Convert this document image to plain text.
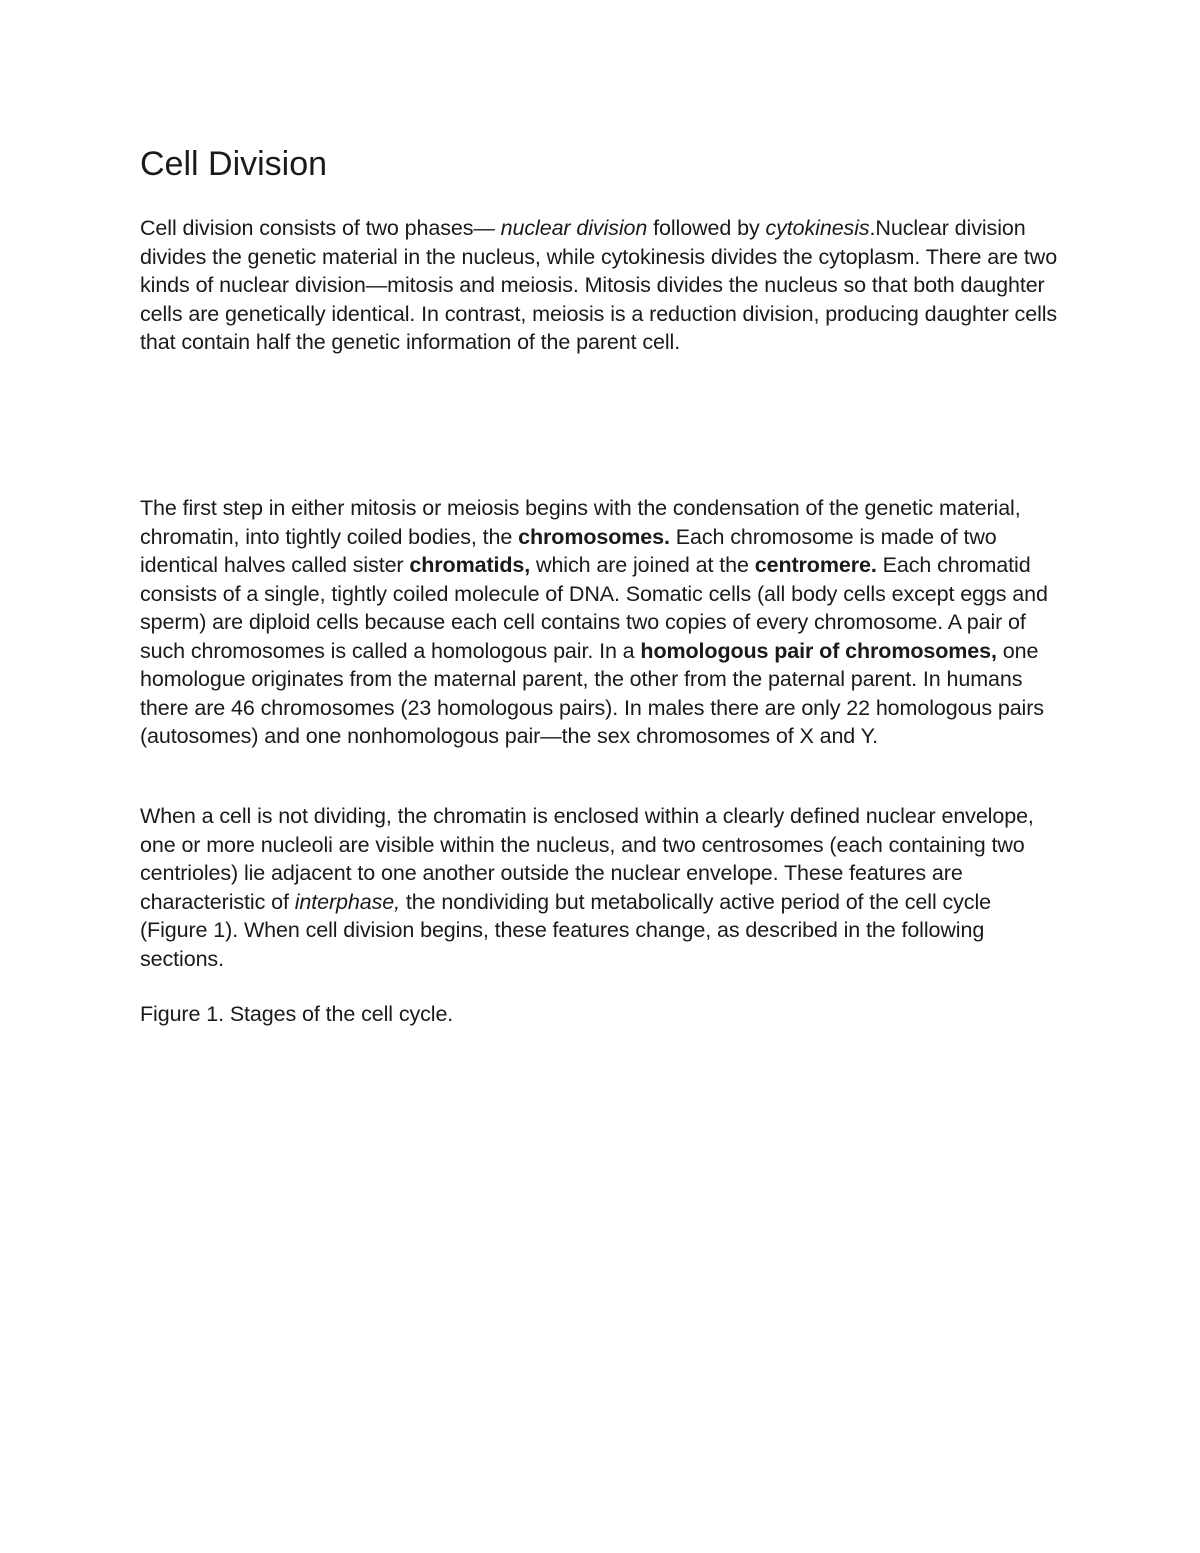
Cell Division

Cell division consists of two phases— nuclear division followed by cytokinesis.Nuclear division divides the genetic material in the nucleus, while cytokinesis divides the cytoplasm. There are two kinds of nuclear division—mitosis and meiosis. Mitosis divides the nucleus so that both daughter cells are genetically identical. In contrast, meiosis is a reduction division, producing daughter cells that contain half the genetic information of the parent cell.

The first step in either mitosis or meiosis begins with the condensation of the genetic material, chromatin, into tightly coiled bodies, the chromosomes. Each chromosome is made of two identical halves called sister chromatids, which are joined at the centromere. Each chromatid consists of a single, tightly coiled molecule of DNA. Somatic cells (all body cells except eggs and sperm) are diploid cells because each cell contains two copies of every chromosome. A pair of such chromosomes is called a homologous pair. In a homologous pair of chromosomes, one homologue originates from the maternal parent, the other from the paternal parent. In humans there are 46 chromosomes (23 homologous pairs). In males there are only 22 homologous pairs (autosomes) and one nonhomologous pair—the sex chromosomes of X and Y.

When a cell is not dividing, the chromatin is enclosed within a clearly defined nuclear envelope, one or more nucleoli are visible within the nucleus, and two centrosomes (each containing two centrioles) lie adjacent to one another outside the nuclear envelope. These features are characteristic of interphase, the nondividing but metabolically active period of the cell cycle (Figure 1). When cell division begins, these features change, as described in the following sections.

Figure 1. Stages of the cell cycle.
